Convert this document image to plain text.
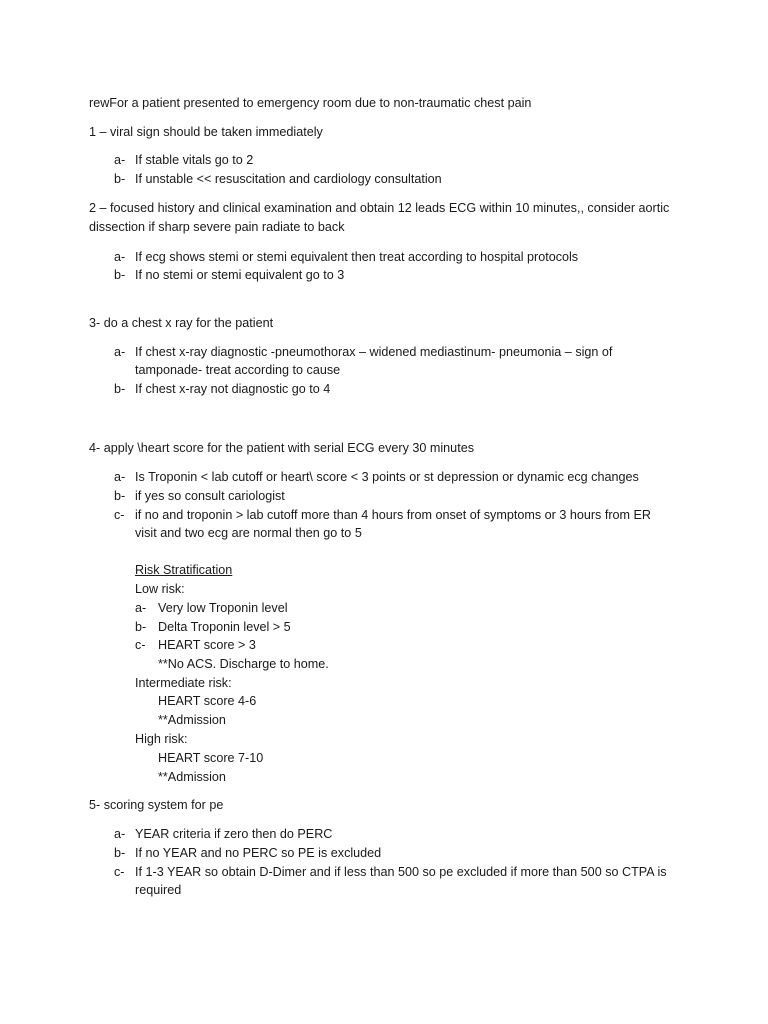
rewFor a patient presented to emergency room due to non-traumatic chest pain
1 – viral sign should be taken immediately
a- If stable vitals go to 2
b- If unstable << resuscitation and cardiology consultation
2 – focused history and clinical examination and obtain 12 leads ECG within 10 minutes,, consider aortic
dissection if sharp severe pain radiate to back
a- If ecg shows stemi or stemi equivalent then treat according to hospital protocols
b- If no stemi or stemi equivalent go to 3
3- do a chest x ray for the patient
a- If chest x-ray diagnostic -pneumothorax – widened mediastinum- pneumonia – sign of
tamponade- treat according to cause
b- If chest x-ray not diagnostic go to 4
4- apply \heart score for the patient with serial ECG every 30 minutes
a- Is Troponin < lab cutoff or heart\ score < 3 points or st depression or dynamic ecg changes
b- if yes so consult cariologist
c- if no and troponin > lab cutoff more than 4 hours from onset of symptoms or 3 hours from ER
visit and two ecg are normal then go to 5
Risk Stratification
Low risk:
a- Very low Troponin level
b- Delta Troponin level > 5
c- HEART score > 3
**No ACS. Discharge to home.
Intermediate risk:
HEART score 4-6
**Admission
High risk:
HEART score 7-10
**Admission
5- scoring system for pe
a- YEAR criteria if zero then do PERC
b- If no YEAR and no PERC so PE is excluded
c- If 1-3 YEAR so obtain D-Dimer and if less than 500 so pe excluded if more than 500 so CTPA is
required
